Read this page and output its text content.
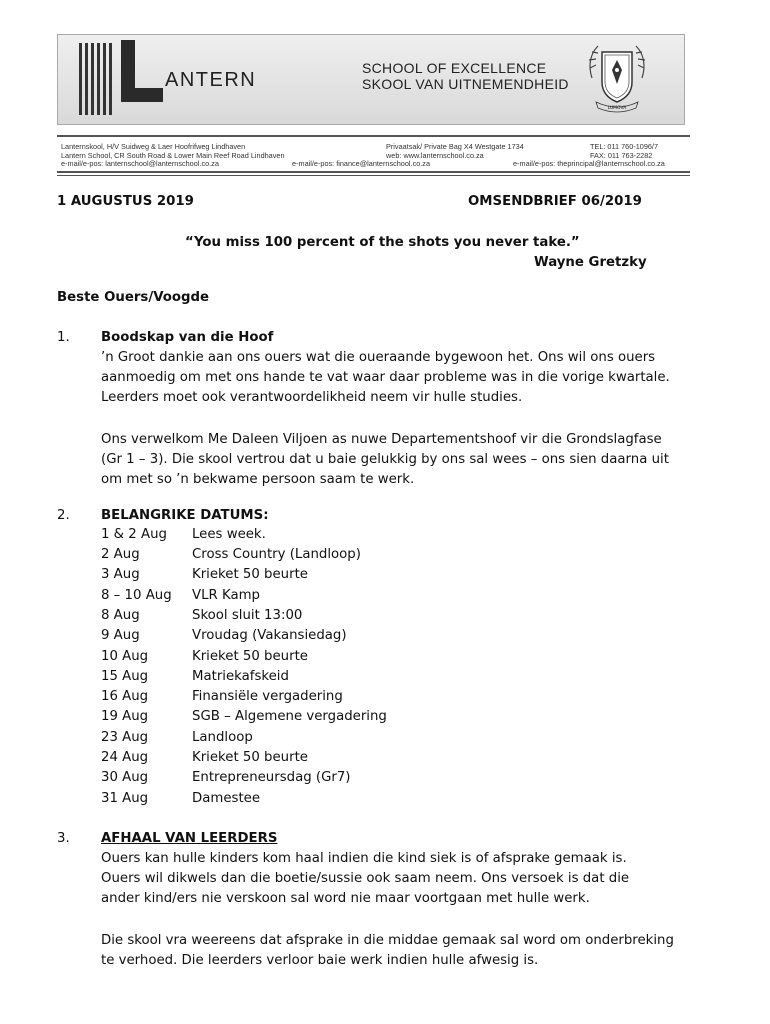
ANTERN
SCHOOL OF EXCELLENCE
SKOOL VAN UITNEMENDHEID
LUMOVA
Lanternskool, H/V Suidweg & Laer Hoofrifweg Lindhaven
Lantern School, CR South Road & Lower Main Reef Road Lindhaven
e-mail/e-pos: lanternschool@lanternschool.co.za
Privaatsak/ Private Bag X4 Westgate 1734
web: www.lanternschool.co.za
e-mail/e-pos: finance@lanternschool.co.za
TEL: 011 760-1096/7
FAX: 011 763-2282
e-mail/e-pos: theprincipal@lanternschool.co.za
1 AUGUSTUS 2019	OMSENDBRIEF 06/2019
“You miss 100 percent of the shots you never take.”
Wayne Gretzky
Beste Ouers/Voogde
1. Boodskap van die Hoof
’n Groot dankie aan ons ouers wat die oueraande bygewoon het. Ons wil ons ouers
aanmoedig om met ons hande te vat waar daar probleme was in die vorige kwartale.
Leerders moet ook verantwoordelikheid neem vir hulle studies.
Ons verwelkom Me Daleen Viljoen as nuwe Departementshoof vir die Grondslagfase
(Gr 1 – 3). Die skool vertrou dat u baie gelukkig by ons sal wees – ons sien daarna uit
om met so ’n bekwame persoon saam te werk.
2. BELANGRIKE DATUMS:
1 & 2 Aug Lees week.
2 Aug	Cross Country (Landloop)
3 Aug	Krieket 50 beurte
8 – 10 Aug VLR Kamp
8 Aug	Skool sluit 13:00
9 Aug	Vroudag (Vakansiedag)
10 Aug	Krieket 50 beurte
15 Aug	Matriekafskeid
16 Aug	Finansiële vergadering
19 Aug	SGB – Algemene vergadering
23 Aug	Landloop
24 Aug	Krieket 50 beurte
30 Aug	Entrepreneursdag (Gr7)
31 Aug	Damestee
3. AFHAAL VAN LEERDERS
Ouers kan hulle kinders kom haal indien die kind siek is of afsprake gemaak is.
Ouers wil dikwels dan die boetie/sussie ook saam neem. Ons versoek is dat die
ander kind/ers nie verskoon sal word nie maar voortgaan met hulle werk.
Die skool vra weereens dat afsprake in die middae gemaak sal word om onderbreking
te verhoed. Die leerders verloor baie werk indien hulle afwesig is.
